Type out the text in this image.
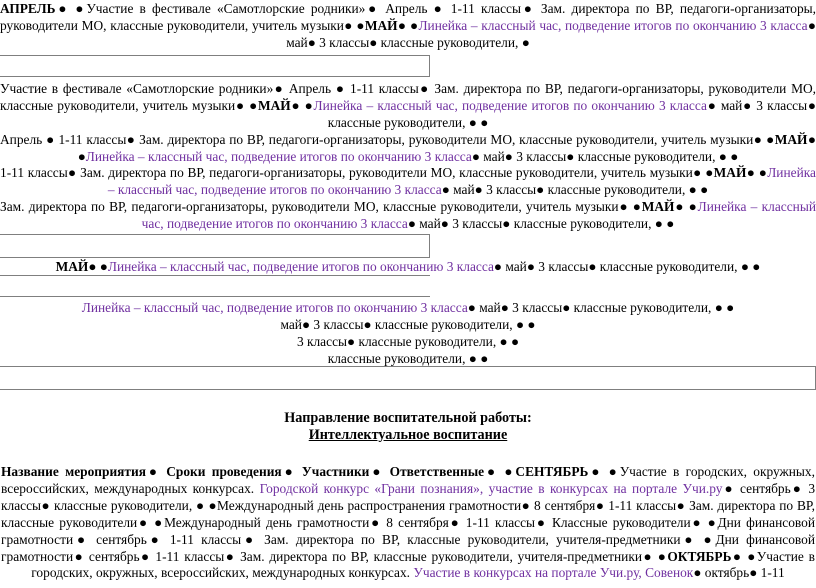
АПРЕЛЬ● ●Участие в фестивале «Самотлорские родники»● Апрель ● 1-11 классы● Зам. директора по ВР, педагоги-организаторы, руководители МО, классные руководители, учитель музыки● ●МАЙ● ●Линейка – классный час, подведение итогов по окончанию 3 класса● май● 3 классы● классные руководители, ●

Участие в фестивале «Самотлорские родники»● Апрель ● 1-11 классы● Зам. директора по ВР, педагоги-организаторы, руководители МО, классные руководители, учитель музыки● ●МАЙ● ●Линейка – классный час, подведение итогов по окончанию 3 класса● май● 3 классы● классные руководители, ● ●

Апрель ● 1-11 классы● Зам. директора по ВР, педагоги-организаторы, руководители МО, классные руководители, учитель музыки● ●МАЙ● ●Линейка – классный час, подведение итогов по окончанию 3 класса● май● 3 классы● классные руководители, ● ●

1-11 классы● Зам. директора по ВР, педагоги-организаторы, руководители МО, классные руководители, учитель музыки● ●МАЙ● ●Линейка – классный час, подведение итогов по окончанию 3 класса● май● 3 классы● классные руководители, ● ●

Зам. директора по ВР, педагоги-организаторы, руководители МО, классные руководители, учитель музыки● ●МАЙ● ●Линейка – классный час, подведение итогов по окончанию 3 класса● май● 3 классы● классные руководители, ● ●

МАЙ● ●Линейка – классный час, подведение итогов по окончанию 3 класса● май● 3 классы● классные руководители, ● ●

Линейка – классный час, подведение итогов по окончанию 3 класса● май● 3 классы● классные руководители, ● ●

май● 3 классы● классные руководители, ● ●

3 классы● классные руководители, ● ●

классные руководители, ● ●

Направление воспитательной работы:

Интеллектуальное воспитание

Название мероприятия● Сроки проведения● Участники● Ответственные● ●СЕНТЯБРЬ● ●Участие в городских, окружных, всероссийских, международных конкурсах. Городской конкурс «Грани познания», участие в конкурсах на портале Учи.ру● сентябрь● 3 классы● классные руководители, ● ●Международный день распространения грамотности● 8 сентября● 1-11 классы● Зам. директора по ВР, классные руководители● ●Международный день грамотности● 8 сентября● 1-11 классы● Классные руководители● ●Дни финансовой грамотности● сентябрь● 1-11 классы● Зам. директора по ВР, классные руководители, учителя-предметники● ●Дни финансовой грамотности● сентябрь● 1-11 классы● Зам. директора по ВР, классные руководители, учителя-предметники● ●ОКТЯБРЬ● ●Участие в городских, окружных, всероссийских, международных конкурсах. Участие в конкурсах на портале Учи.ру, Совенок● октябрь● 1-11
